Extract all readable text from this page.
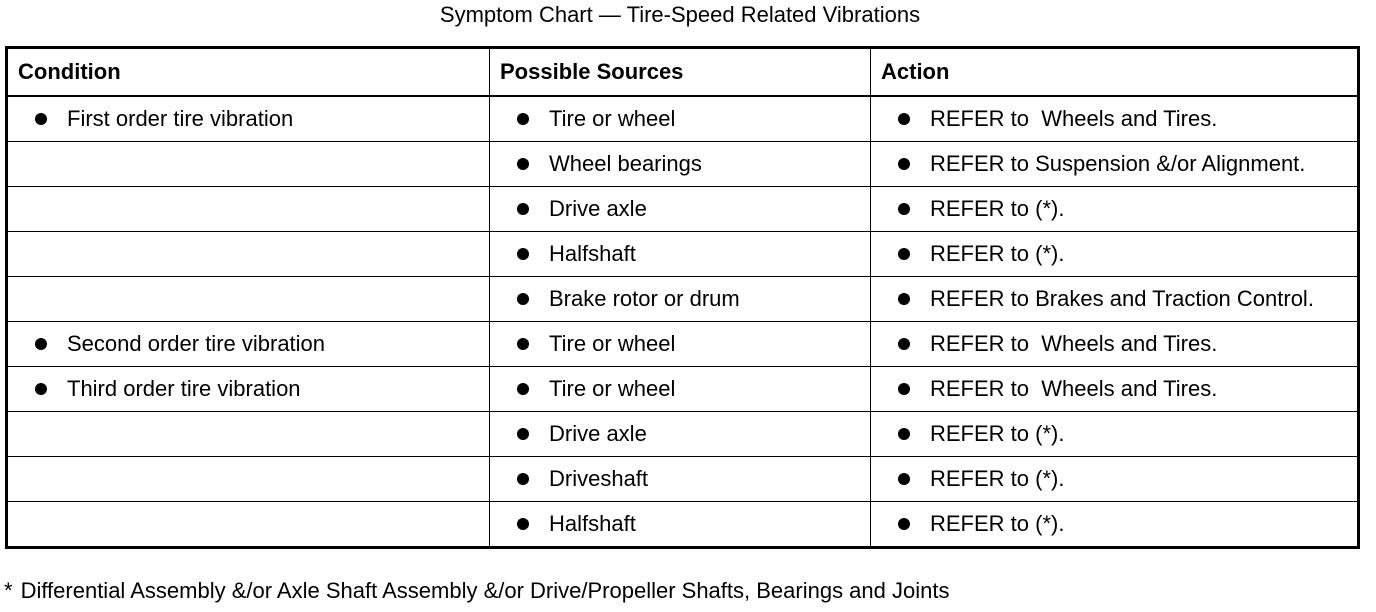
Symptom Chart — Tire-Speed Related Vibrations
Condition	Possible Sources	Action

First order tire vibration	Tire or wheel	REFER to  Wheels and Tires.

	Wheel bearings	REFER to Suspension &/or Alignment.

	Drive axle	REFER to (*).

	Halfshaft	REFER to (*).

	Brake rotor or drum	REFER to Brakes and Traction Control.

Second order tire vibration	Tire or wheel	REFER to  Wheels and Tires.

Third order tire vibration	Tire or wheel	REFER to  Wheels and Tires.

	Drive axle	REFER to (*).

	Driveshaft	REFER to (*).

	Halfshaft	REFER to (*).
* Differential Assembly &/or Axle Shaft Assembly &/or Drive/Propeller Shafts, Bearings and Joints
